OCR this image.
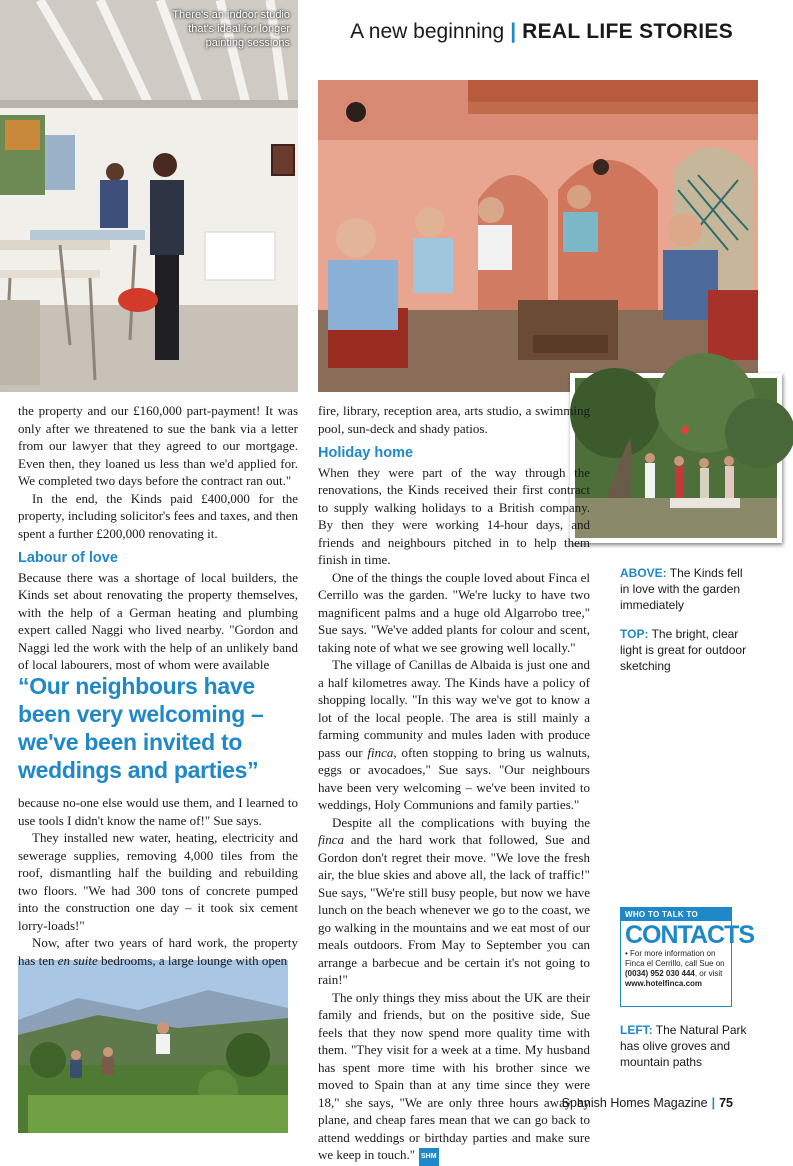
A new beginning | REAL LIFE STORIES
There's an indoor studio that's ideal for longer painting sessions

the property and our £160,000 part-payment! It was only after we threatened to sue the bank via a letter from our lawyer that they agreed to our mortgage. Even then, they loaned us less than we'd applied for. We completed two days before the contract ran out."

In the end, the Kinds paid £400,000 for the property, including solicitor's fees and taxes, and then spent a further £200,000 renovating it.

Labour of love

Because there was a shortage of local builders, the Kinds set about renovating the property themselves, with the help of a German heating and plumbing expert called Naggi who lived nearby. "Gordon and Naggi led the work with the help of an unlikely band of local labourers, most of whom were available

“Our neighbours have been very welcoming – we've been invited to weddings and parties”

because no-one else would use them, and I learned to use tools I didn't know the name of!" Sue says.

They installed new water, heating, electricity and sewerage supplies, removing 4,000 tiles from the roof, dismantling half the building and rebuilding two floors. "We had 300 tons of concrete pumped into the construction one day – it took six cement lorry-loads!"

Now, after two years of hard work, the property has ten en suite bedrooms, a large lounge with open

fire, library, reception area, arts studio, a swimming pool, sun-deck and shady patios.

Holiday home

When they were part of the way through the renovations, the Kinds received their first contract to supply walking holidays to a British company. By then they were working 14-hour days, and friends and neighbours pitched in to help them finish in time.

One of the things the couple loved about Finca el Cerrillo was the garden. "We're lucky to have two magnificent palms and a huge old Algarrobo tree," Sue says. "We've added plants for colour and scent, taking note of what we see growing well locally."

The village of Canillas de Albaida is just one and a half kilometres away. The Kinds have a policy of shopping locally. "In this way we've got to know a lot of the local people. The area is still mainly a farming community and mules laden with produce pass our finca, often stopping to bring us walnuts, eggs or avocadoes," Sue says. "Our neighbours have been very welcoming – we've been invited to weddings, Holy Communions and family parties."

Despite all the complications with buying the finca and the hard work that followed, Sue and Gordon don't regret their move. "We love the fresh air, the blue skies and above all, the lack of traffic!" Sue says, "We're still busy people, but now we have lunch on the beach whenever we go to the coast, we go walking in the mountains and we eat most of our meals outdoors. From May to September you can arrange a barbecue and be certain it's not going to rain!"

The only things they miss about the UK are their family and friends, but on the positive side, Sue feels that they now spend more quality time with them. "They visit for a week at a time. My husband has spent more time with his brother since we moved to Spain than at any time since they were 18," she says, "We are only three hours away by plane, and cheap fares mean that we can go back to attend weddings or birthday parties and make sure we keep in touch." SHM

ABOVE: The Kinds fell in love with the garden immediately
TOP: The bright, clear light is great for outdoor sketching
WHO TO TALK TO
CONTACTS
• For more information on Finca el Cerrillo, call Sue on (0034) 952 030 444, or visit www.hotelfinca.com
LEFT: The Natural Park has olive groves and mountain paths
Spanish Homes Magazine | 75
